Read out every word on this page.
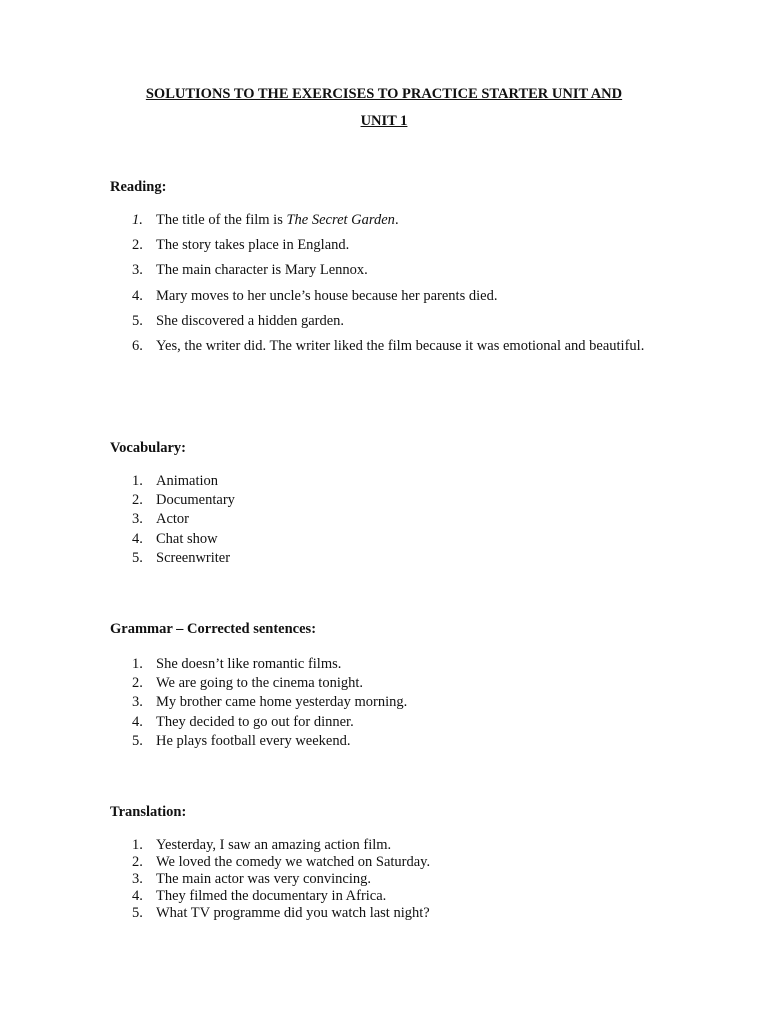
SOLUTIONS TO THE EXERCISES TO PRACTICE STARTER UNIT AND
UNIT 1
Reading:
1. The title of the film is The Secret Garden.
2. The story takes place in England.
3. The main character is Mary Lennox.
4. Mary moves to her uncle’s house because her parents died.
5. She discovered a hidden garden.
6. Yes, the writer did. The writer liked the film because it was emotional and beautiful.
Vocabulary:
1. Animation
2. Documentary
3. Actor
4. Chat show
5. Screenwriter
Grammar – Corrected sentences:
1. She doesn’t like romantic films.
2. We are going to the cinema tonight.
3. My brother came home yesterday morning.
4. They decided to go out for dinner.
5. He plays football every weekend.
Translation:
1. Yesterday, I saw an amazing action film.
2. We loved the comedy we watched on Saturday.
3. The main actor was very convincing.
4. They filmed the documentary in Africa.
5. What TV programme did you watch last night?
